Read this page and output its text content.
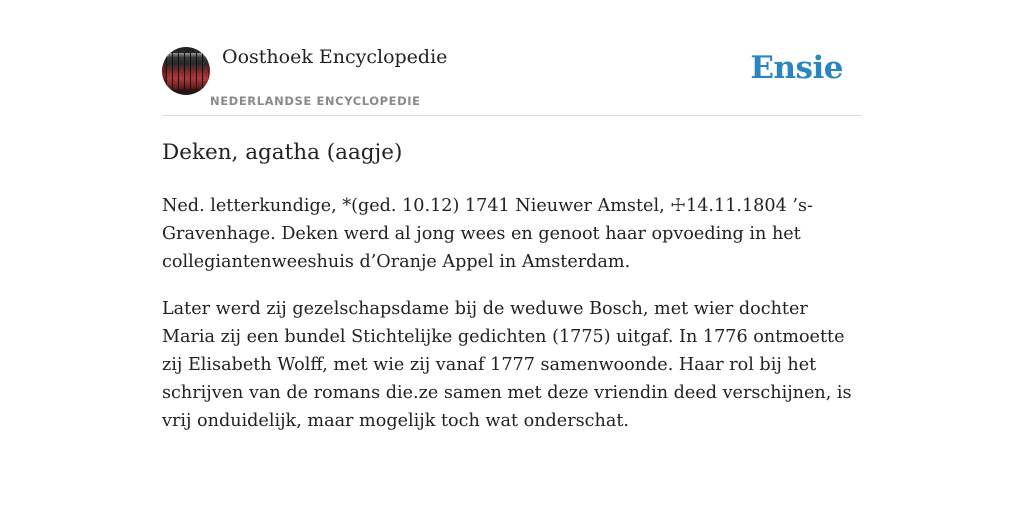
Oosthoek Encyclopedie
NEDERLANDSE ENCYCLOPEDIE
Ensie
Deken, agatha (aagje)

Ned. letterkundige, *(ged. 10.12) 1741 Nieuwer Amstel, ☩14.11.1804 ’s-Gravenhage. Deken werd al jong wees en genoot haar opvoeding in het collegiantenweeshuis d’Oranje Appel in Amsterdam.

Later werd zij gezelschapsdame bij de weduwe Bosch, met wier dochter Maria zij een bundel Stichtelijke gedichten (1775) uitgaf. In 1776 ontmoette zij Elisabeth Wolff, met wie zij vanaf 1777 samenwoonde. Haar rol bij het schrijven van de romans die.ze samen met deze vriendin deed verschijnen, is vrij onduidelijk, maar mogelijk toch wat onderschat.
